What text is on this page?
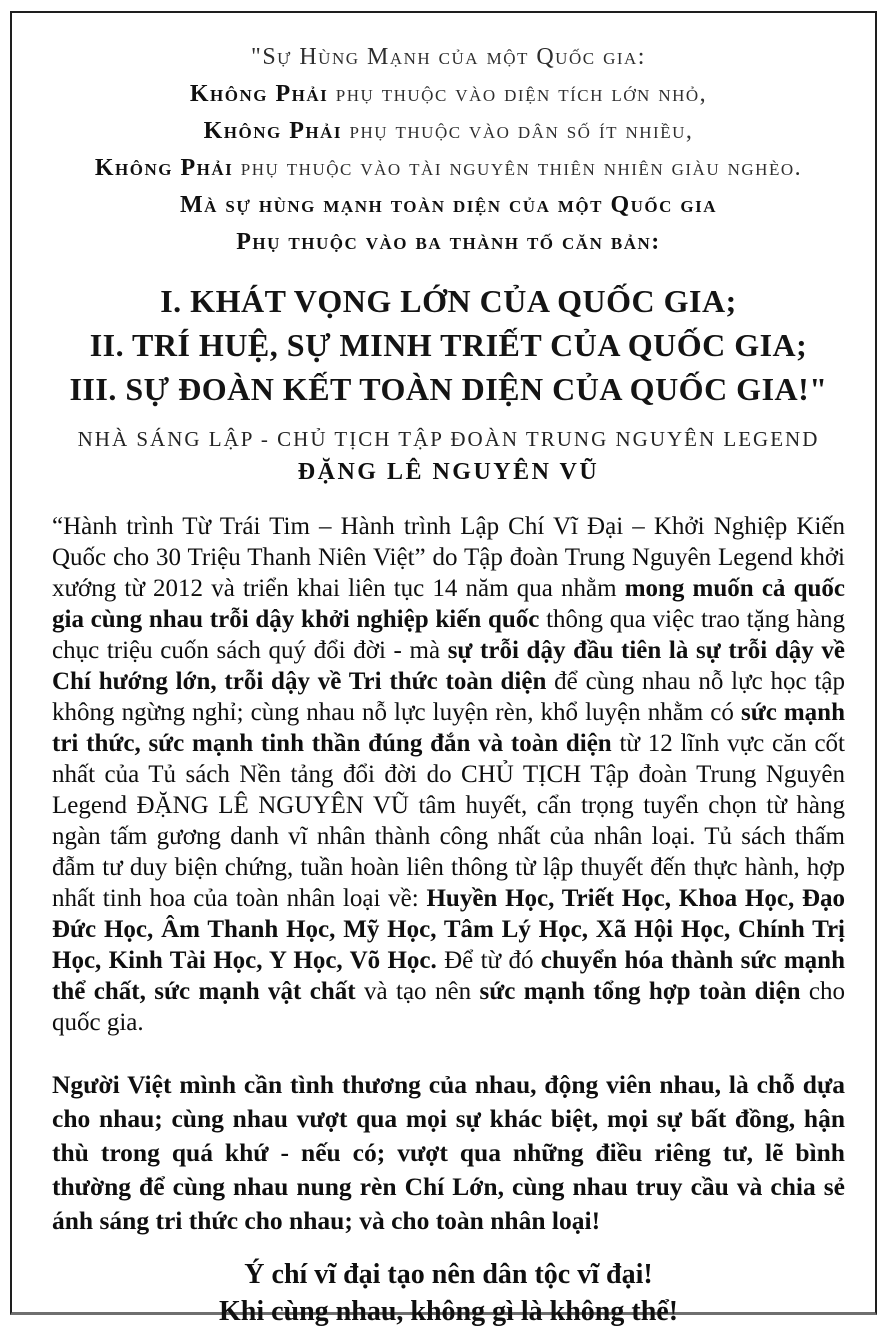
"Sự Hùng Mạnh của một Quốc gia:
Không Phải phụ thuộc vào diện tích lớn nhỏ,
Không Phải phụ thuộc vào dân số ít nhiều,
Không Phải phụ thuộc vào tài nguyên thiên nhiên giàu nghèo.
Mà sự hùng mạnh toàn diện của một Quốc gia
Phụ thuộc vào ba thành tố căn bản:
I. KHÁT VỌNG LỚN CỦA QUỐC GIA;
II. TRÍ HUỆ, SỰ MINH TRIẾT CỦA QUỐC GIA;
III. SỰ ĐOÀN KẾT TOÀN DIỆN CỦA QUỐC GIA!"
NHÀ SÁNG LẬP - CHỦ TỊCH TẬP ĐOÀN TRUNG NGUYÊN LEGEND
ĐẶNG LÊ NGUYÊN VŨ

“Hành trình Từ Trái Tim – Hành trình Lập Chí Vĩ Đại – Khởi Nghiệp Kiến Quốc cho 30 Triệu Thanh Niên Việt” do Tập đoàn Trung Nguyên Legend khởi xướng từ 2012 và triển khai liên tục 14 năm qua nhằm mong muốn cả quốc gia cùng nhau trỗi dậy khởi nghiệp kiến quốc thông qua việc trao tặng hàng chục triệu cuốn sách quý đổi đời - mà sự trỗi dậy đầu tiên là sự trỗi dậy về Chí hướng lớn, trỗi dậy về Tri thức toàn diện để cùng nhau nỗ lực học tập không ngừng nghỉ; cùng nhau nỗ lực luyện rèn, khổ luyện nhằm có sức mạnh tri thức, sức mạnh tinh thần đúng đắn và toàn diện từ 12 lĩnh vực căn cốt nhất của Tủ sách Nền tảng đổi đời do CHỦ TỊCH Tập đoàn Trung Nguyên Legend ĐẶNG LÊ NGUYÊN VŨ tâm huyết, cẩn trọng tuyển chọn từ hàng ngàn tấm gương danh vĩ nhân thành công nhất của nhân loại. Tủ sách thấm đẫm tư duy biện chứng, tuần hoàn liên thông từ lập thuyết đến thực hành, hợp nhất tinh hoa của toàn nhân loại về: Huyền Học, Triết Học, Khoa Học, Đạo Đức Học, Âm Thanh Học, Mỹ Học, Tâm Lý Học, Xã Hội Học, Chính Trị Học, Kinh Tài Học, Y Học, Võ Học. Để từ đó chuyển hóa thành sức mạnh thể chất, sức mạnh vật chất và tạo nên sức mạnh tổng hợp toàn diện cho quốc gia.

Người Việt mình cần tình thương của nhau, động viên nhau, là chỗ dựa cho nhau; cùng nhau vượt qua mọi sự khác biệt, mọi sự bất đồng, hận thù trong quá khứ - nếu có; vượt qua những điều riêng tư, lẽ bình thường để cùng nhau nung rèn Chí Lớn, cùng nhau truy cầu và chia sẻ ánh sáng tri thức cho nhau; và cho toàn nhân loại!

Ý chí vĩ đại tạo nên dân tộc vĩ đại!
Khi cùng nhau, không gì là không thể!
